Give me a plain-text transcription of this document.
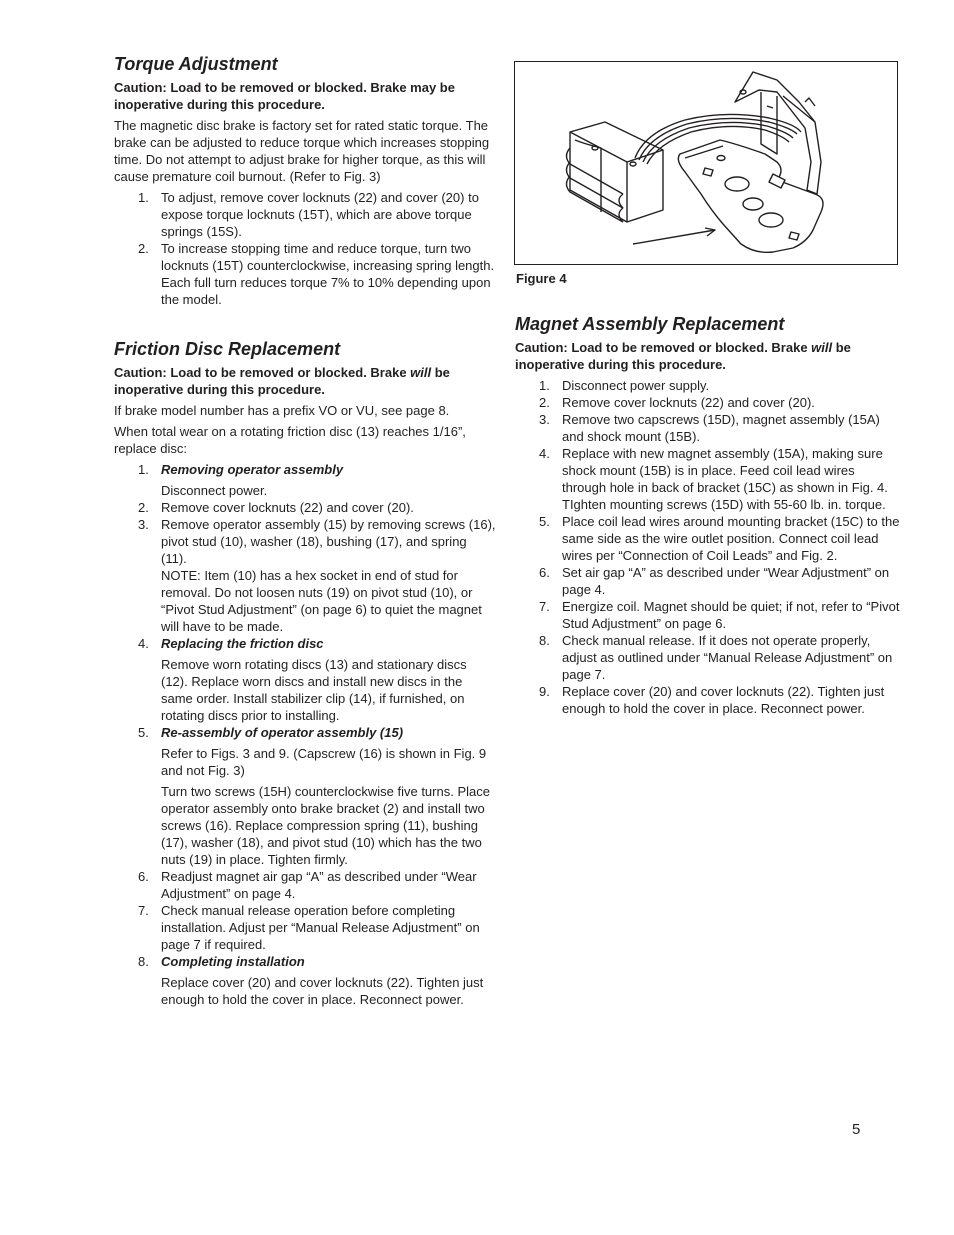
Torque Adjustment

Caution: Load to be removed or blocked. Brake may be inoperative during this procedure.

The magnetic disc brake is factory set for rated static torque. The brake can be adjusted to reduce torque which increases stopping time. Do not attempt to adjust brake for higher torque, as this will cause premature coil burnout. (Refer to Fig. 3)

1. To adjust, remove cover locknuts (22) and cover (20) to expose torque locknuts (15T), which are above torque springs (15S).
2. To increase stopping time and reduce torque, turn two locknuts (15T) counterclockwise, increasing spring length. Each full turn reduces torque 7% to 10% depending upon the model.
Friction Disc Replacement

Caution: Load to be removed or blocked. Brake will be inoperative during this procedure.

If brake model number has a prefix VO or VU, see page 8.

When total wear on a rotating friction disc (13) reaches 1/16”, replace disc:

1. Removing operator assembly

Disconnect power.

2. Remove cover locknuts (22) and cover (20).
3. Remove operator assembly (15) by removing screws (16), pivot stud (10), washer (18), bushing (17), and spring (11).

NOTE: Item (10) has a hex socket in end of stud for removal. Do not loosen nuts (19) on pivot stud (10), or “Pivot Stud Adjustment” (on page 6) to quiet the magnet will have to be made.

4. Replacing the friction disc

Remove worn rotating discs (13) and stationary discs (12). Replace worn discs and install new discs in the same order. Install stabilizer clip (14), if furnished, on rotating discs prior to installing.

5. Re-assembly of operator assembly (15)

Refer to Figs. 3 and 9. (Capscrew (16) is shown in Fig. 9 and not Fig. 3)

Turn two screws (15H) counterclockwise five turns. Place operator assembly onto brake bracket (2) and install two screws (16). Replace compression spring (11), bushing (17), washer (18), and pivot stud (10) which has the two nuts (19) in place. Tighten firmly.

6. Readjust magnet air gap “A” as described under “Wear Adjustment” on page 4.
7. Check manual release operation before completing installation. Adjust per “Manual Release Adjustment” on page 7 if required.
8. Completing installation

Replace cover (20) and cover locknuts (22). Tighten just enough to hold the cover in place. Reconnect power.

Figure 4
Magnet Assembly Replacement

Caution: Load to be removed or blocked. Brake will be inoperative during this procedure.

1. Disconnect power supply.
2. Remove cover locknuts (22) and cover (20).
3. Remove two capscrews (15D), magnet assembly (15A) and shock mount (15B).
4. Replace with new magnet assembly (15A), making sure shock mount (15B) is in place. Feed coil lead wires through hole in back of bracket (15C) as shown in Fig. 4. TIghten mounting screws (15D) with 55-60 lb. in. torque.
5. Place coil lead wires around mounting bracket (15C) to the same side as the wire outlet position. Connect coil lead wires per “Connection of Coil Leads” and Fig. 2.
6. Set air gap “A” as described under “Wear Adjustment” on page 4.
7. Energize coil. Magnet should be quiet; if not, refer to “Pivot Stud Adjustment” on page 6.
8. Check manual release. If it does not operate properly, adjust as outlined under “Manual Release Adjustment” on page 7.
9. Replace cover (20) and cover locknuts (22). Tighten just enough to hold the cover in place. Reconnect power.
5
